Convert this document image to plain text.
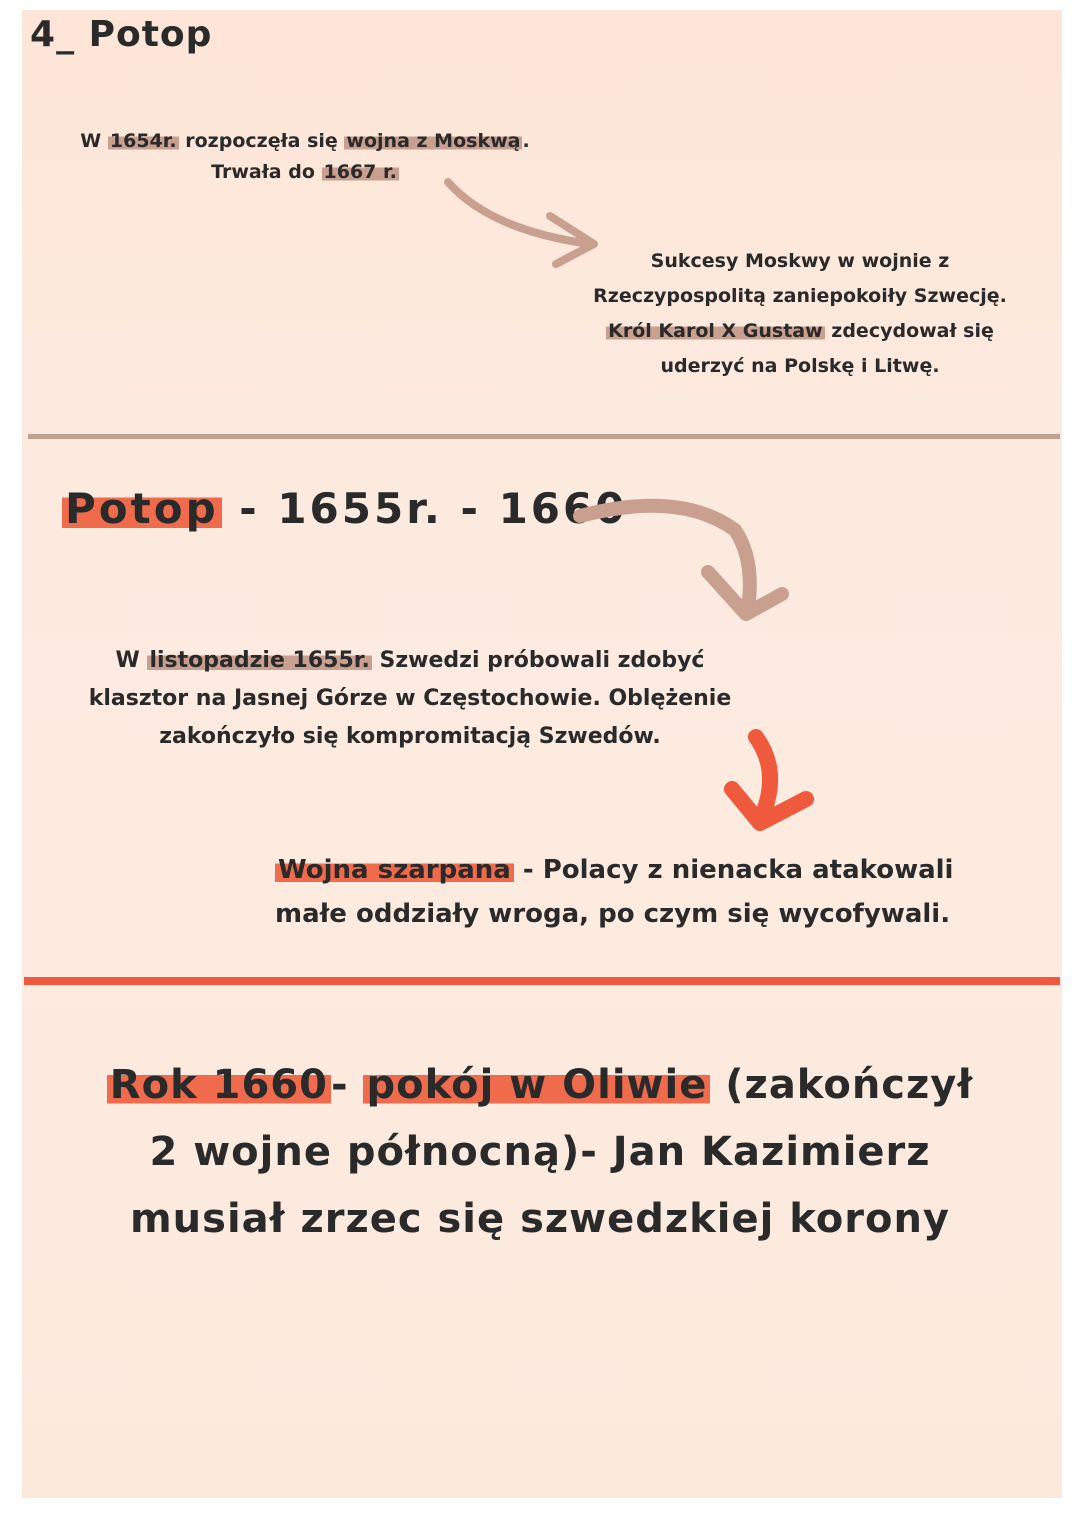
4_ Potop
W 1654r. rozpoczęła się wojna z Moskwą .
Trwała do 1667 r.
Sukcesy Moskwy w wojnie z
Rzeczypospolitą zaniepokoiły Szwecję.
Król Karol X Gustaw zdecydował się
uderzyć na Polskę i Litwę.
Potop - 1655r. - 1660
W listopadzie 1655r. Szwedzi próbowali zdobyć
klasztor na Jasnej Górze w Częstochowie. Oblężenie
zakończyło się kompromitacją Szwedów.
Wojna szarpana - Polacy z nienacka atakowali
małe oddziały wroga, po czym się wycofywali.
Rok 1660- pokój w Oliwie (zakończył
2 wojne północną)- Jan Kazimierz
musiał zrzec się szwedzkiej korony
